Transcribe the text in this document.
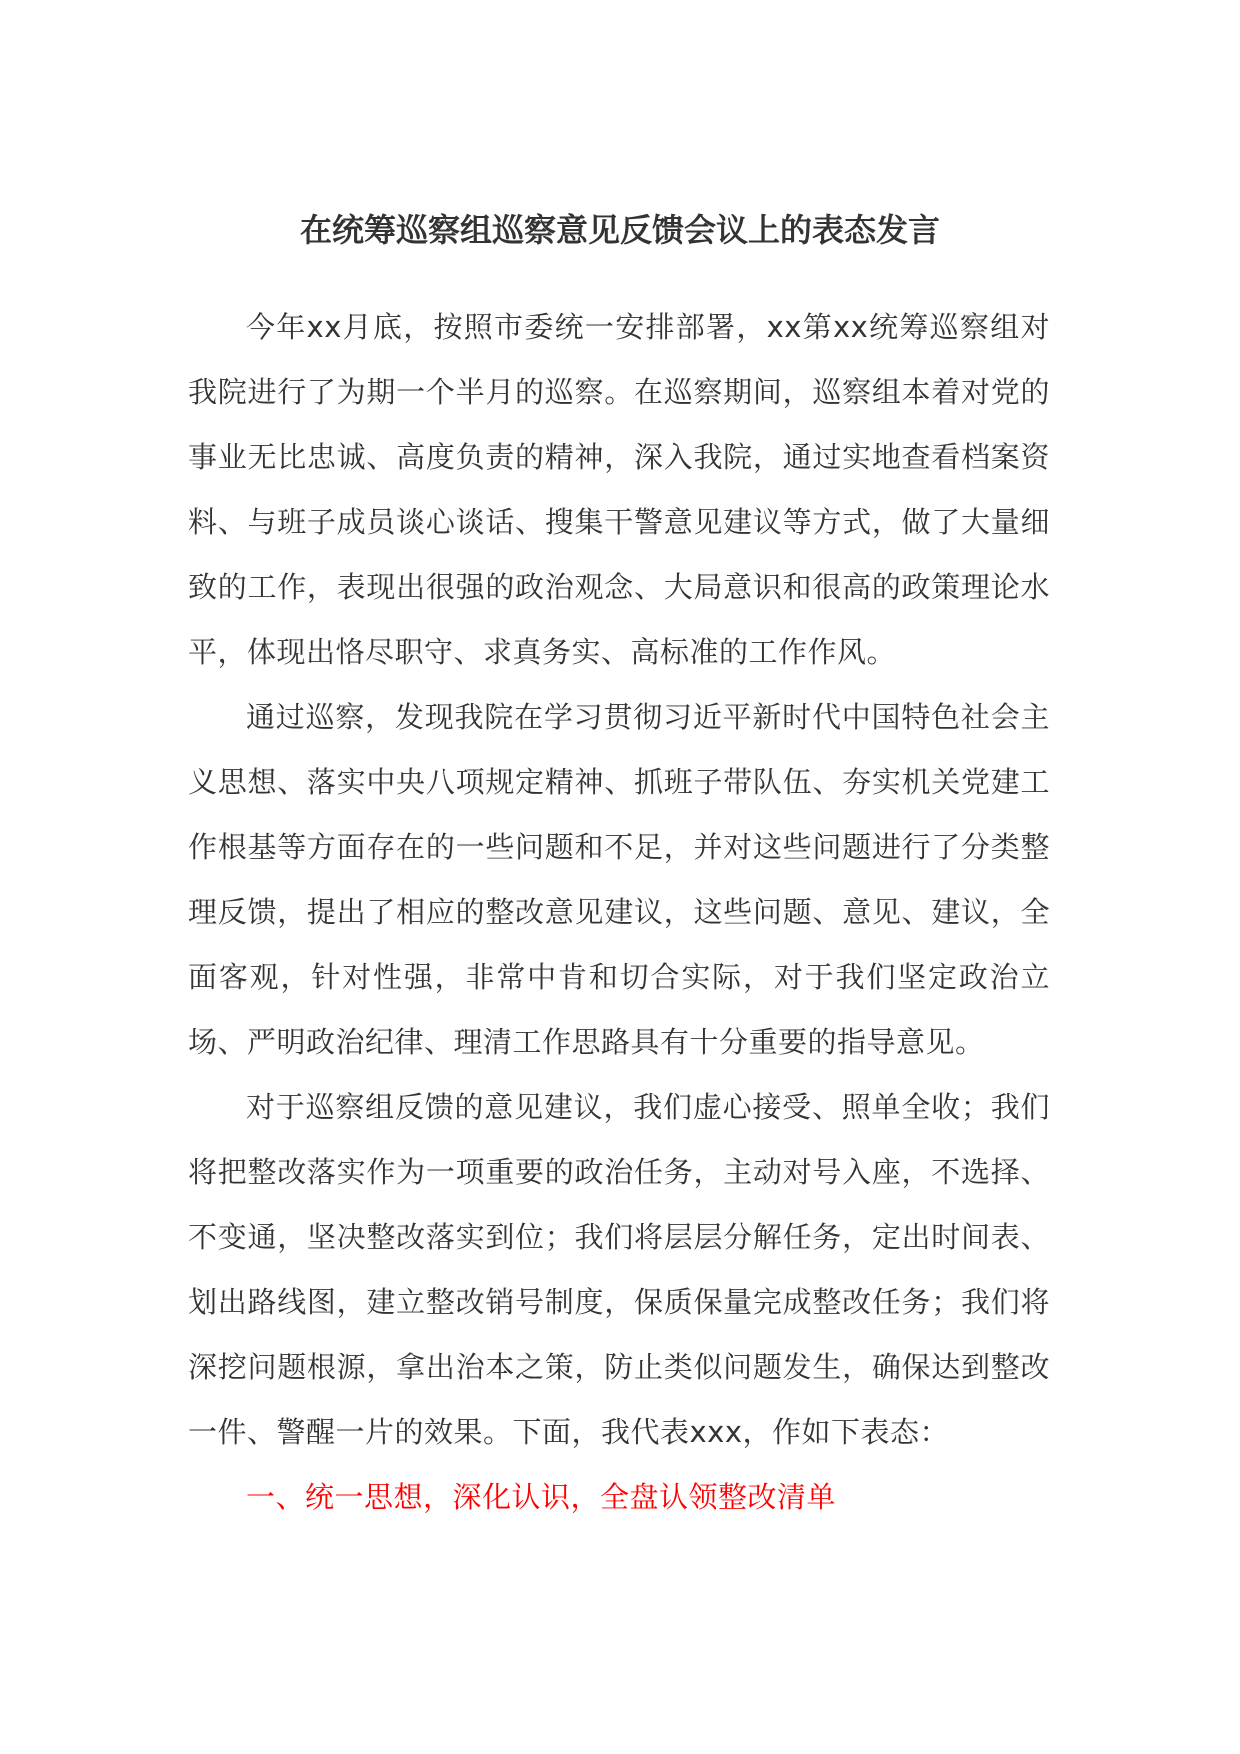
在统筹巡察组巡察意见反馈会议上的表态发言

今年xx月底，按照市委统一安排部署，xx第xx统筹巡察组对我院进行了为期一个半月的巡察。在巡察期间，巡察组本着对党的事业无比忠诚、高度负责的精神，深入我院，通过实地查看档案资料、与班子成员谈心谈话、搜集干警意见建议等方式，做了大量细致的工作，表现出很强的政治观念、大局意识和很高的政策理论水平，体现出恪尽职守、求真务实、高标准的工作作风。

通过巡察，发现我院在学习贯彻习近平新时代中国特色社会主义思想、落实中央八项规定精神、抓班子带队伍、夯实机关党建工作根基等方面存在的一些问题和不足，并对这些问题进行了分类整理反馈，提出了相应的整改意见建议，这些问题、意见、建议，全面客观，针对性强，非常中肯和切合实际，对于我们坚定政治立场、严明政治纪律、理清工作思路具有十分重要的指导意见。

对于巡察组反馈的意见建议，我们虚心接受、照单全收；我们将把整改落实作为一项重要的政治任务，主动对号入座，不选择、不变通，坚决整改落实到位；我们将层层分解任务，定出时间表、划出路线图，建立整改销号制度，保质保量完成整改任务；我们将深挖问题根源，拿出治本之策，防止类似问题发生，确保达到整改一件、警醒一片的效果。下面，我代表xxx，作如下表态：

一、统一思想，深化认识，全盘认领整改清单
